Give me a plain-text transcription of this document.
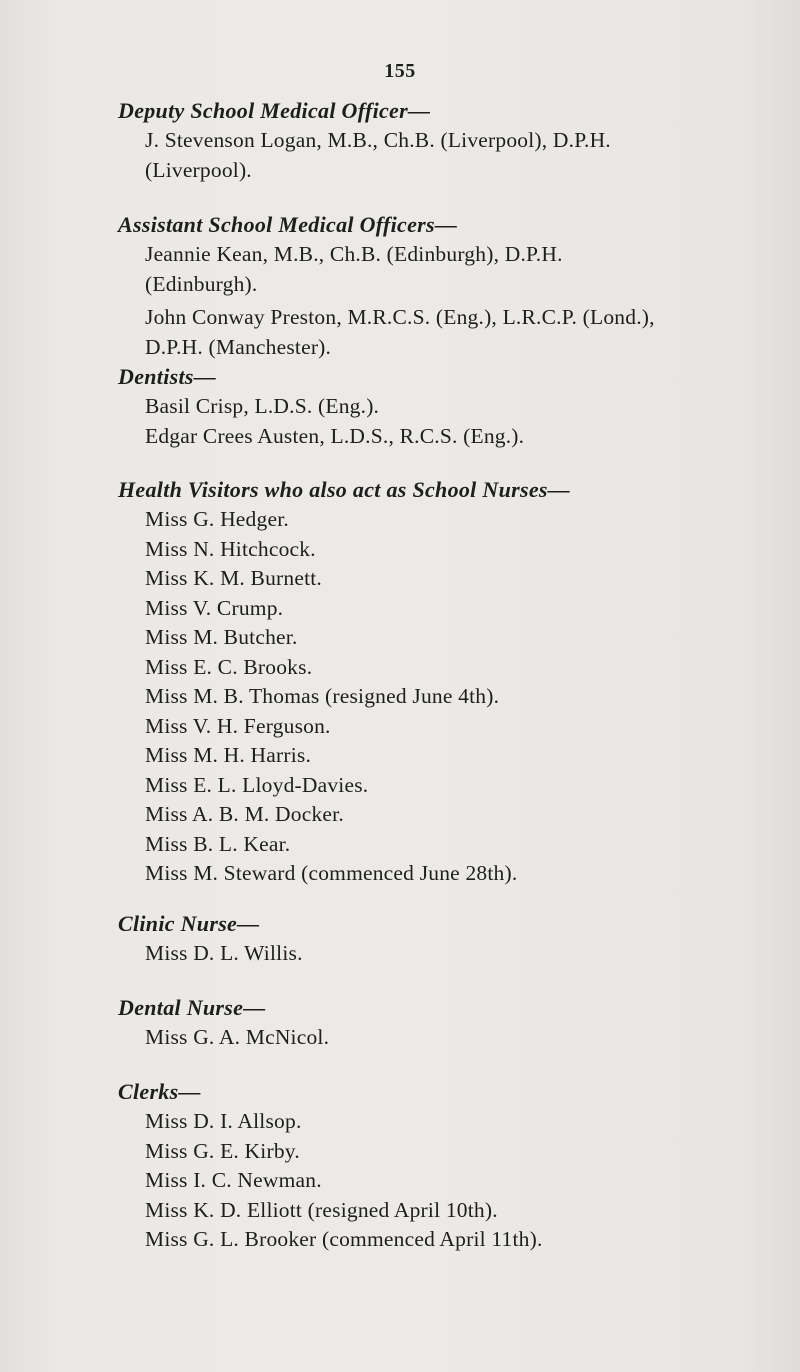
155
Deputy School Medical Officer—
J. Stevenson Logan, M.B., Ch.B. (Liverpool), D.P.H. (Liverpool).
Assistant School Medical Officers—
Jeannie Kean, M.B., Ch.B. (Edinburgh), D.P.H. (Edinburgh).
John Conway Preston, M.R.C.S. (Eng.), L.R.C.P. (Lond.), D.P.H. (Manchester).
Dentists—
Basil Crisp, L.D.S. (Eng.).
Edgar Crees Austen, L.D.S., R.C.S. (Eng.).
Health Visitors who also act as School Nurses—
Miss G. Hedger.
Miss N. Hitchcock.
Miss K. M. Burnett.
Miss V. Crump.
Miss M. Butcher.
Miss E. C. Brooks.
Miss M. B. Thomas (resigned June 4th).
Miss V. H. Ferguson.
Miss M. H. Harris.
Miss E. L. Lloyd-Davies.
Miss A. B. M. Docker.
Miss B. L. Kear.
Miss M. Steward (commenced June 28th).
Clinic Nurse—
Miss D. L. Willis.
Dental Nurse—
Miss G. A. McNicol.
Clerks—
Miss D. I. Allsop.
Miss G. E. Kirby.
Miss I. C. Newman.
Miss K. D. Elliott (resigned April 10th).
Miss G. L. Brooker (commenced April 11th).
